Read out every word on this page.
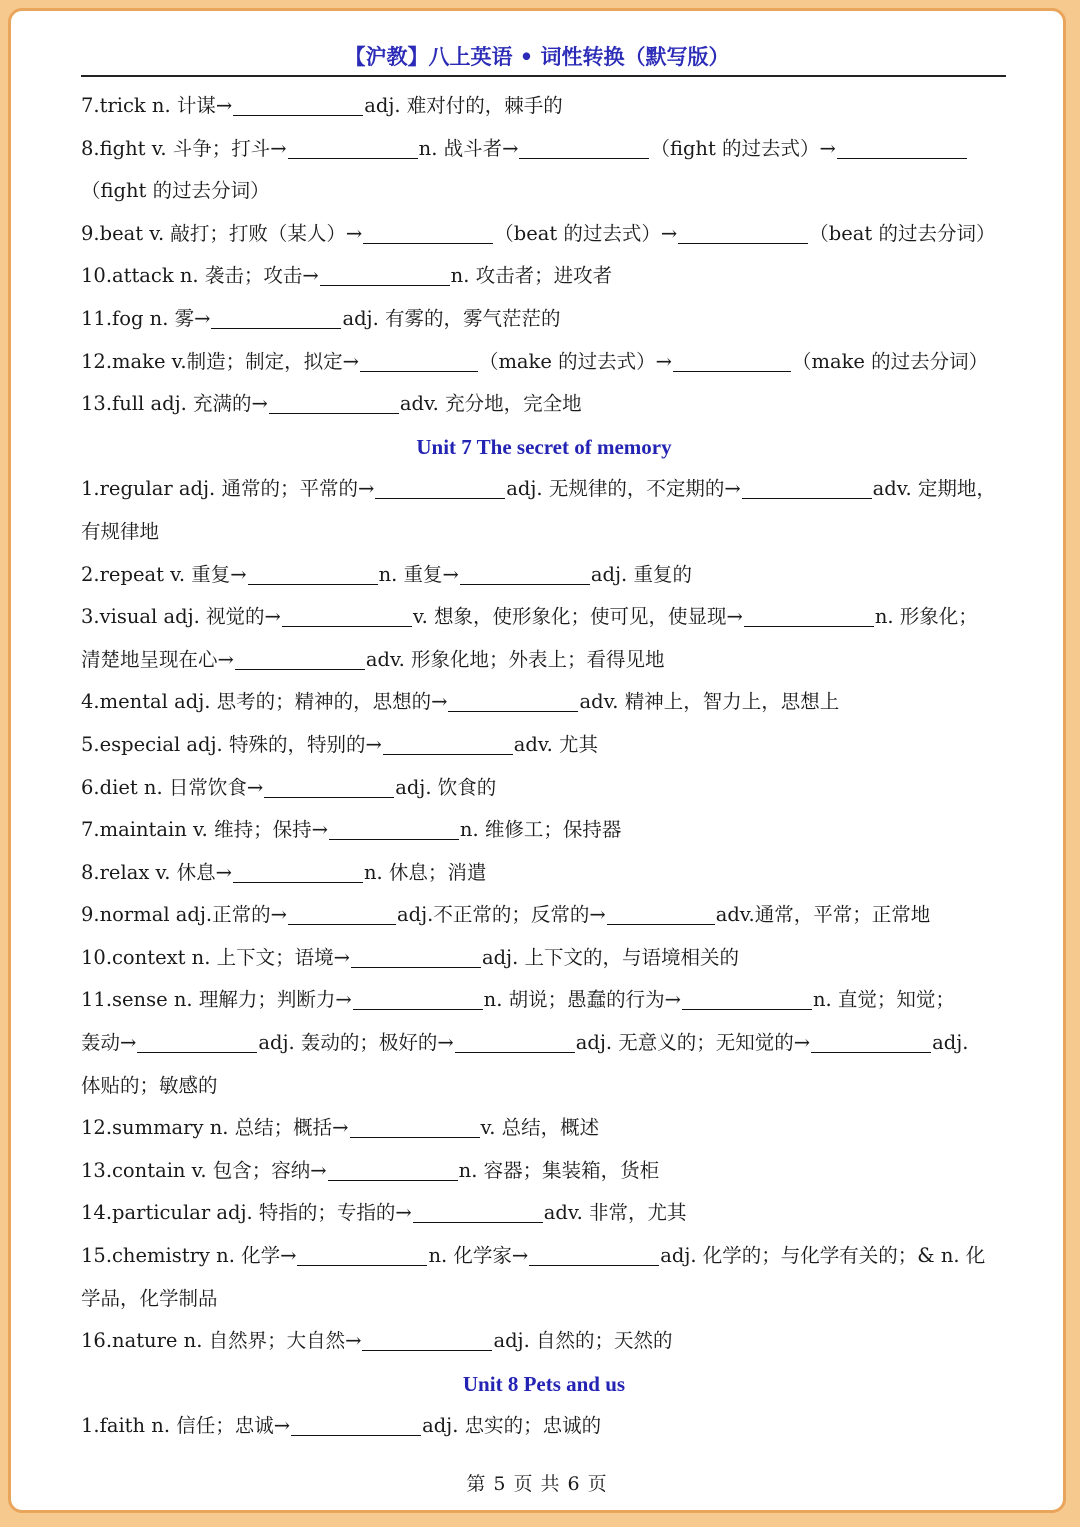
【沪教】八上英语 • 词性转换（默写版）
7.trick n. 计谋→	adj. 难对付的，棘手的
8.fight v. 斗争；打斗→	n. 战斗者→	（fight 的过去式）→
（fight 的过去分词）
9.beat v. 敲打；打败（某人）→	（beat 的过去式）→	（beat 的过去分词）
10.attack n. 袭击；攻击→	n. 攻击者；进攻者
11.fog n. 雾→	adj. 有雾的，雾气茫茫的
12.make v.制造；制定，拟定→	（make 的过去式）→	（make 的过去分词）
13.full adj. 充满的→	adv. 充分地，完全地
Unit 7 The secret of memory
1.regular adj. 通常的；平常的→	adj. 无规律的，不定期的→	adv. 定期地，
有规律地
2.repeat v. 重复→	n. 重复→	adj. 重复的
3.visual adj. 视觉的→	v. 想象，使形象化；使可见，使显现→	n. 形象化；
清楚地呈现在心→	adv. 形象化地；外表上；看得见地
4.mental adj. 思考的；精神的，思想的→	adv. 精神上，智力上，思想上
5.especial adj. 特殊的，特别的→	adv. 尤其
6.diet n. 日常饮食→	adj. 饮食的
7.maintain v. 维持；保持→	n. 维修工；保持器
8.relax v. 休息→	n. 休息；消遣
9.normal adj.正常的→	adj.不正常的；反常的→	adv.通常，平常；正常地
10.context n. 上下文；语境→	adj. 上下文的，与语境相关的
11.sense n. 理解力；判断力→	n. 胡说；愚蠢的行为→	n. 直觉；知觉；
轰动→	adj. 轰动的；极好的→	adj. 无意义的；无知觉的→	adj.
体贴的；敏感的
12.summary n. 总结；概括→	v. 总结，概述
13.contain v. 包含；容纳→	n. 容器；集装箱，货柜
14.particular adj. 特指的；专指的→	adv. 非常，尤其
15.chemistry n. 化学→	n. 化学家→	adj. 化学的；与化学有关的；& n. 化
学品，化学制品
16.nature n. 自然界；大自然→	adj. 自然的；天然的
Unit 8 Pets and us
1.faith n. 信任；忠诚→	adj. 忠实的；忠诚的
第 5 页 共 6 页
